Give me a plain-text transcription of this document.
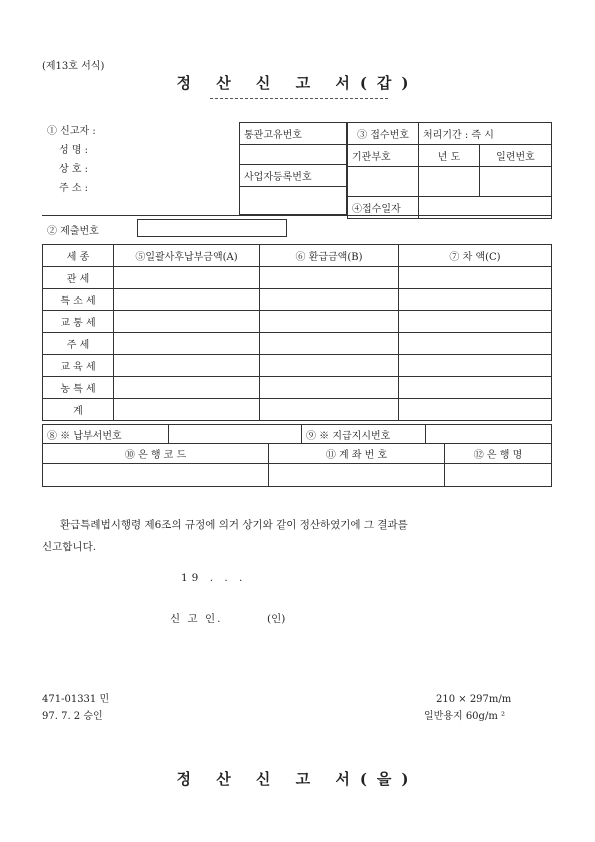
(제13호 서식)
정 산 신 고 서(갑)
① 신고자 :
성 명 :
상 호 :
주 소 :
통관고유번호

사업자등록번호

③ 접수번호	처리기간 : 즉 시	
기관부호	년 도	일련번호

④접수일자		
② 제출번호
세 종	⑤일괄사후납부금액(A)	⑥ 환급금액(B)	⑦ 차 액(C)
관 세			
특 소 세			
교 통 세			
주 세			
교 육 세			
농 특 세			
계			
⑧ ※ 납부서번호		⑨ ※ 지급지시번호	
⑩ 은 행 코 드	⑪ 계 좌 번 호	⑫ 은 행 명

환급특례법시행령 제6조의 규정에 의거 상기와 같이 정산하였기에 그 결과를
신고합니다.
19 . . .
신 고 인.	(인)
471-01331 민
97. 7. 2 승인
210 × 297m/m
일반용지 60g/m ²
정 산 신 고 서(을)
